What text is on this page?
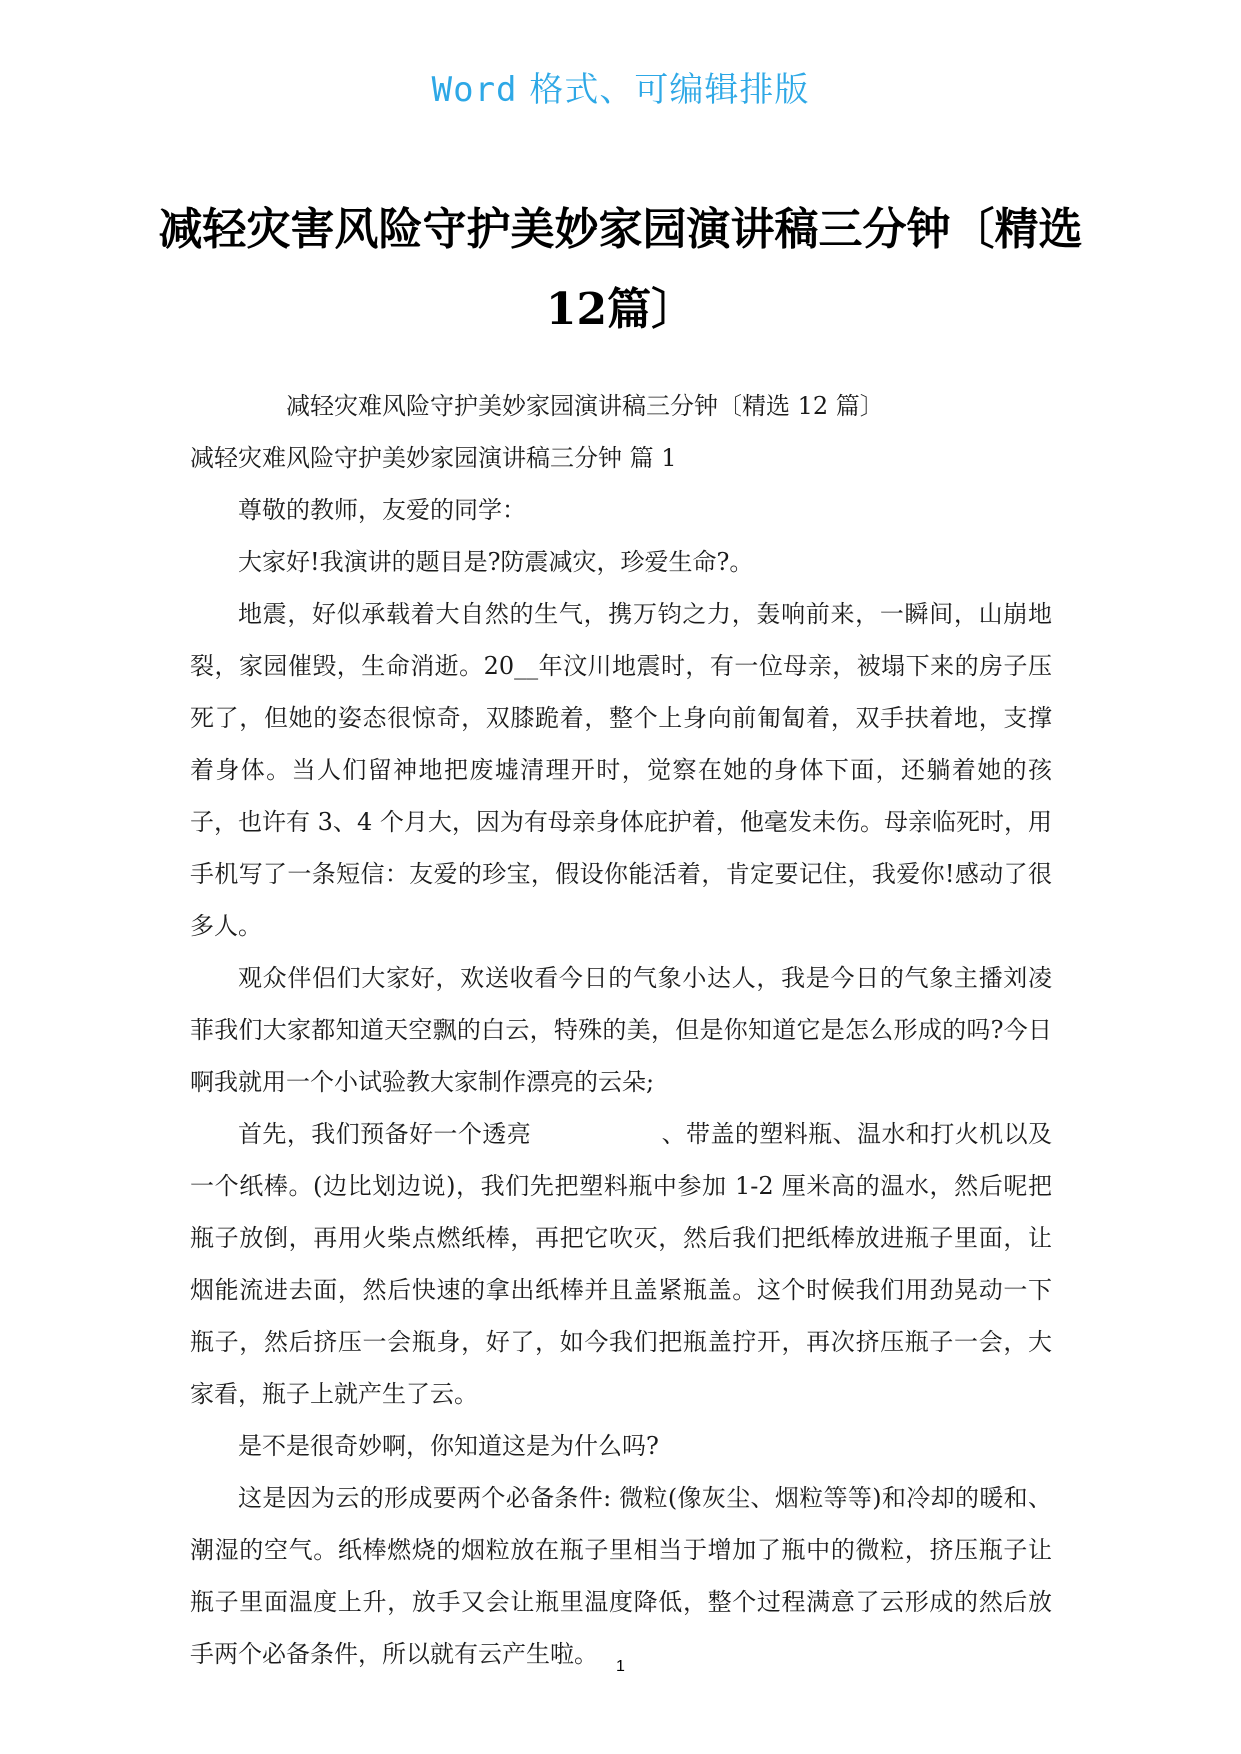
Word 格式、可编辑排版
减轻灾害风险守护美妙家园演讲稿三分钟〔精选
12篇〕

减轻灾难风险守护美妙家园演讲稿三分钟〔精选 12 篇〕

减轻灾难风险守护美妙家园演讲稿三分钟 篇 1

尊敬的教师，友爱的同学：

大家好!我演讲的题目是?防震减灾，珍爱生命?。

地震，好似承载着大自然的生气，携万钧之力，轰响前来，一瞬间，山崩地裂，家园催毁，生命消逝。20__年汶川地震时，有一位母亲，被塌下来的房子压死了，但她的姿态很惊奇，双膝跪着，整个上身向前匍匐着，双手扶着地，支撑着身体。当人们留神地把废墟清理开时，觉察在她的身体下面，还躺着她的孩子，也许有 3、4 个月大，因为有母亲身体庇护着，他毫发未伤。母亲临死时，用手机写了一条短信：友爱的珍宝，假设你能活着，肯定要记住，我爱你!感动了很多人。

观众伴侣们大家好，欢送收看今日的气象小达人，我是今日的气象主播刘凌菲我们大家都知道天空飘的白云，特殊的美，但是你知道它是怎么形成的吗?今日啊我就用一个小试验教大家制作漂亮的云朵;

首先，我们预备好一个透亮	、带盖的塑料瓶、温水和打火机以及一个纸棒。(边比划边说)，我们先把塑料瓶中参加 1-2 厘米高的温水，然后呢把瓶子放倒，再用火柴点燃纸棒，再把它吹灭，然后我们把纸棒放进瓶子里面，让烟能流进去面，然后快速的拿出纸棒并且盖紧瓶盖。这个时候我们用劲晃动一下瓶子，然后挤压一会瓶身，好了，如今我们把瓶盖拧开，再次挤压瓶子一会，大家看，瓶子上就产生了云。

是不是很奇妙啊，你知道这是为什么吗?

这是因为云的形成要两个必备条件: 微粒(像灰尘、烟粒等等)和冷却的暖和、潮湿的空气。纸棒燃烧的烟粒放在瓶子里相当于增加了瓶中的微粒，挤压瓶子让瓶子里面温度上升，放手又会让瓶里温度降低，整个过程满意了云形成的然后放手两个必备条件，所以就有云产生啦。	1
